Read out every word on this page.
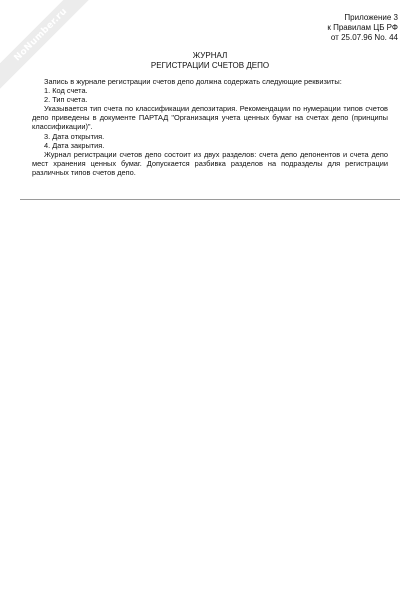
NoNumber.ru	Приложение 3
к Правилам ЦБ РФ
от 25.07.96 No. 44
ЖУРНАЛ
РЕГИСТРАЦИИ СЧЕТОВ ДЕПО

Запись в журнале регистрации счетов депо должна содержать следующие реквизиты:

1. Код счета.

2. Тип счета.

Указывается тип счета по классификации депозитария. Рекомендации по нумерации типов счетов депо приведены в документе ПАРТАД "Организация учета ценных бумаг на счетах депо (принципы классификации)".

3. Дата открытия.

4. Дата закрытия.

Журнал регистрации счетов депо состоит из двух разделов: счета депо депонентов и счета депо мест хранения ценных бумаг. Допускается разбивка разделов на подразделы для регистрации различных типов счетов депо.
